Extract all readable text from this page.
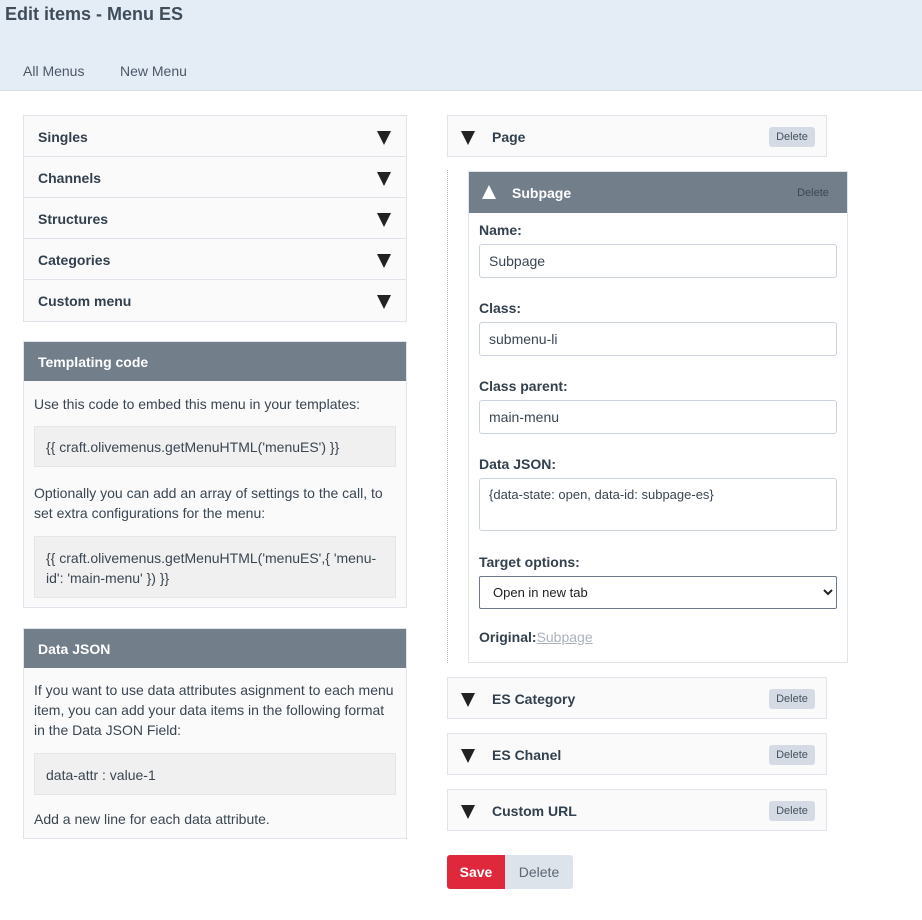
Edit items - Menu ES
All Menus	New Menu
Singles
Channels
Structures
Categories
Custom menu
Templating code
Use this code to embed this menu in your templates:
{{ craft.olivemenus.getMenuHTML('menuES') }}
Optionally you can add an array of settings to the call, to set extra configurations for the menu:
{{ craft.olivemenus.getMenuHTML('menuES',{ 'menu-id': 'main-menu' }) }}
Data JSON
If you want to use data attributes asignment to each menu item, you can add your data items in the following format in the Data JSON Field:
data-attr : value-1
Add a new line for each data attribute.
Page	Delete
Subpage	Delete
Name:
Subpage
Class:
submenu-li
Class parent:
main-menu
Data JSON:
{data-state: open, data-id: subpage-es}
Target options:
Open in new tab
Original:Subpage
ES Category	Delete
ES Chanel	Delete
Custom URL	Delete
Save	Delete
